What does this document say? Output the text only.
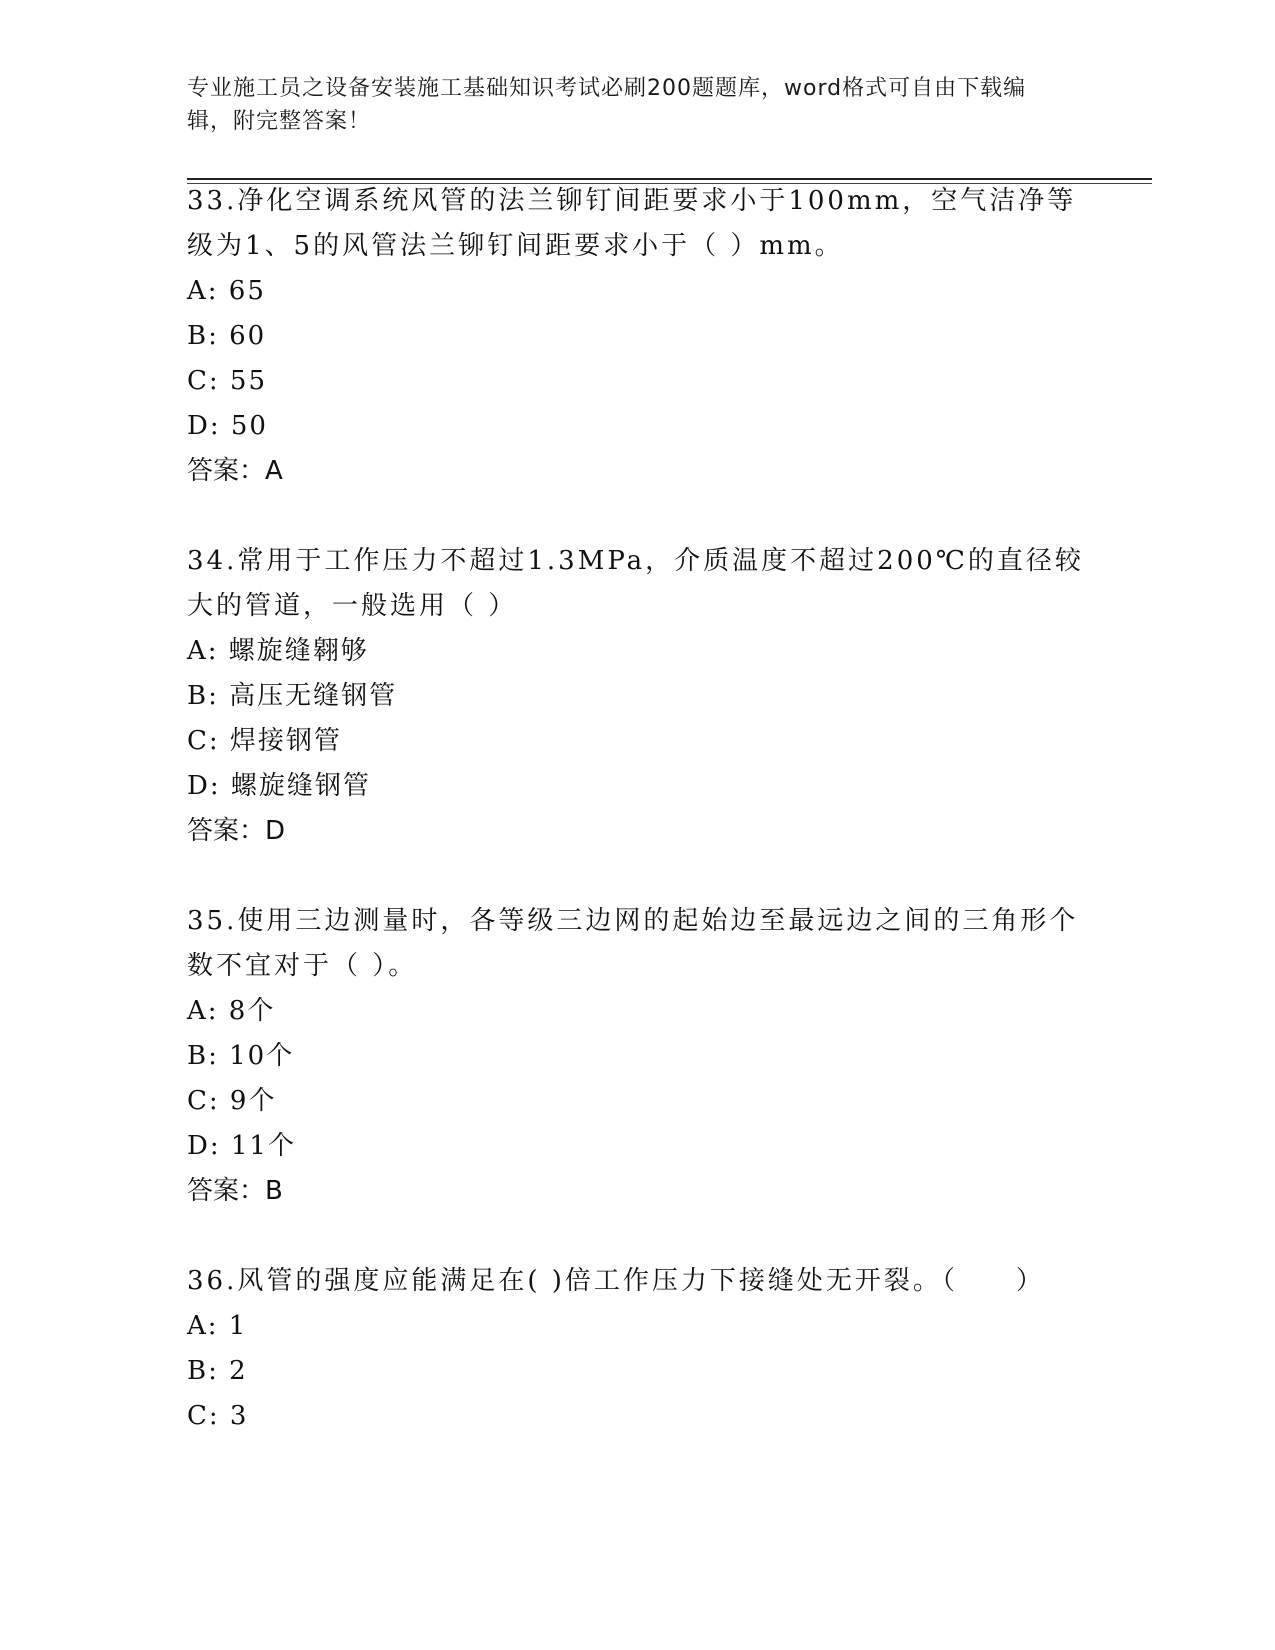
专业施工员之设备安装施工基础知识考试必刷200题题库，word格式可自由下载编辑，附完整答案！

33.净化空调系统风管的法兰铆钉间距要求小于100mm，空气洁净等级为1、5的风管法兰铆钉间距要求小于（ ）mm。

A: 65

B: 60

C: 55

D: 50

答案：A

34.常用于工作压力不超过1.3MPa，介质温度不超过200℃的直径较大的管道，一般选用（ ）

A: 螺旋缝翱够

B: 高压无缝钢管

C: 焊接钢管

D: 螺旋缝钢管

答案：D

35.使用三边测量时，各等级三边网的起始边至最远边之间的三角形个数不宜对于（ ）。

A: 8个

B: 10个

C: 9个

D: 11个

答案：B

36.风管的强度应能满足在( )倍工作压力下接缝处无开裂。（　　）

A: 1

B: 2

C: 3
